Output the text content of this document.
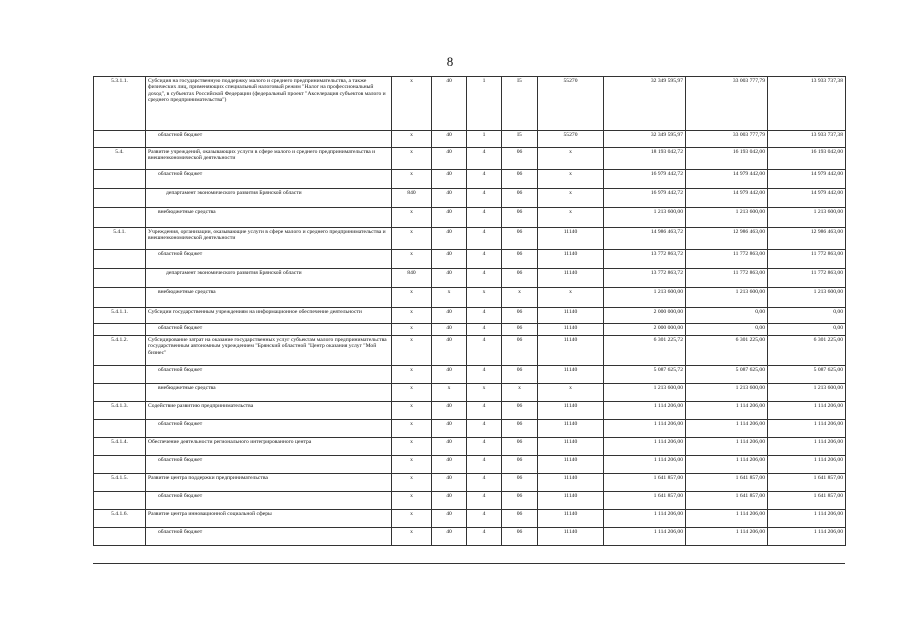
8
5.3.1.1.	Субсидия на государственную поддержку малого и среднего предпринимательства, а также физических лиц, применяющих специальный налоговый режим "Налог на профессиональный доход", в субъектах Российской Федерации (федеральный проект "Акселерация субъектов малого и среднего предпринимательства")	х	40	1	I5	55270	32 349 595,97	33 003 777,79	13 933 737,38
	областной бюджет	х	40	1	I5	55270	32 349 595,97	33 003 777,79	13 933 737,38
5.4.	Развитие учреждений, оказывающих услуги в сфере малого и среднего предпринимательства и внешнеэкономической деятельности	х	40	4	06	х	18 193 042,72	16 193 042,00	16 193 042,00
	областной бюджет	х	40	4	06	х	16 979 442,72	14 979 442,00	14 979 442,00
	департамент экономического развития Брянской области	840	40	4	06	х	16 979 442,72	14 979 442,00	14 979 442,00
	внебюджетные средства	х	40	4	06	х	1 213 600,00	1 213 600,00	1 213 600,00
5.4.1.	Учреждения, организации, оказывающие услуги в сфере малого и среднего предпринимательства и внешнеэкономической деятельности	х	40	4	06	11140	14 986 463,72	12 986 463,00	12 986 463,00
	областной бюджет	х	40	4	06	11140	13 772 863,72	11 772 863,00	11 772 863,00
	департамент экономического развития Брянской области	840	40	4	06	11140	13 772 863,72	11 772 863,00	11 772 863,00
	внебюджетные средства	х	х	х	х	х	1 213 600,00	1 213 600,00	1 213 600,00
5.4.1.1.	Субсидии государственным учреждениям на информационное обеспечение деятельности	х	40	4	06	11140	2 000 000,00	0,00	0,00
	областной бюджет	х	40	4	06	11140	2 000 000,00	0,00	0,00
5.4.1.2.	Субсидирование затрат на оказание государственных услуг субъектам малого предпринимательства государственным автономным учреждением "Брянский областной "Центр оказания услуг "Мой бизнес"	х	40	4	06	11140	6 301 225,72	6 301 225,00	6 301 225,00
	областной бюджет	х	40	4	06	11140	5 087 625,72	5 087 625,00	5 087 625,00
	внебюджетные средства	х	х	х	х	х	1 213 600,00	1 213 600,00	1 213 600,00
5.4.1.3.	Содействие развитию предпринимательства	х	40	4	06	11140	1 114 206,00	1 114 206,00	1 114 206,00
	областной бюджет	х	40	4	06	11140	1 114 206,00	1 114 206,00	1 114 206,00
5.4.1.4.	Обеспечение деятельности регионального интегрированного центра	х	40	4	06	11140	1 114 206,00	1 114 206,00	1 114 206,00
	областной бюджет	х	40	4	06	11140	1 114 206,00	1 114 206,00	1 114 206,00
5.4.1.5.	Развитие центра поддержки предпринимательства	х	40	4	06	11140	1 641 857,00	1 641 857,00	1 641 857,00
	областной бюджет	х	40	4	06	11140	1 641 857,00	1 641 857,00	1 641 857,00
5.4.1.6.	Развитие центра инновационной социальной сферы	х	40	4	06	11140	1 114 206,00	1 114 206,00	1 114 206,00
	областной бюджет	х	40	4	06	11140	1 114 206,00	1 114 206,00	1 114 206,00
